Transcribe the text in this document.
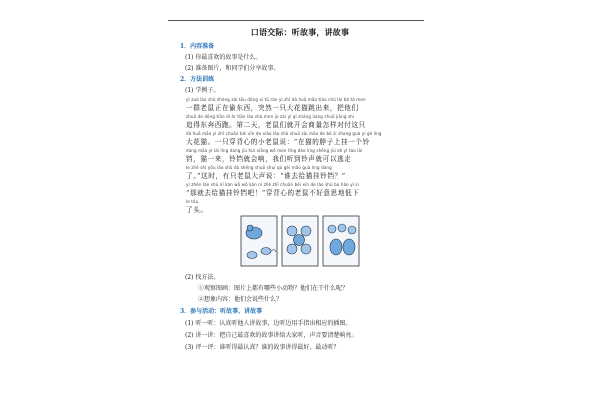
口语交际：听故事，讲故事
1．内容准备
(1) 你最喜欢的故事是什么。
(2) 准备图片，和同学们分享故事。
2．方法训练
(1) 学例子。
yì zuò lǎo shǔ zhèng zài tōu dōng xi tū rán yì zhī dà huā māo tiào chū lái bǎ tā men
一群老鼠正在偷东西，突然一只大花猫跳出来，把他们
zhuā de dōng tiān dì èr tiān lǎo shǔ men jù zài yì qǐ shāng liang shuō jiāng shì
追得东奔西跑。第二天，老鼠们就开会商量怎样对付这只
dà huā māo yì zhī chuān bèi xīn de xiǎo lǎo shǔ shuō zài māo de bó zi shang guà yí gè líng
大花猫。一只穿背心的小老鼠说：“在猫的脖子上挂一个铃
dang māo yì lái líng dang jiù huì xiǎng wǒ men tīng dào líng shēng jiù kě yǐ táo lái
铛，猫一来，铃铛就会响，我们听到铃声就可以逃走
le zhè shí yǒu lǎo shǔ dà shēng shuō shuí qù gěi māo guà líng dang
了。”这时，有只老鼠大声说：“谁去给猫挂铃铛？”
yí zhèn lǎo shǔ nǐ kàn wǒ wǒ kàn nǐ zhè zhī chuān bèi xīn de lǎo shǔ bù hǎo yì si
“那就去给猫挂铃铛吧！”穿背心的老鼠不好意思地低下
le tóu
了头。
(2) 找方法。
①观察图画：图片上都有哪些小动物？他们在干什么呢？
②想象内容：他们会说些什么？
3．参与活动：听故事、讲故事
(1) 听一听：认真听他人讲故事，边听边用手指出相应的插图。
(2) 讲一讲：把自己最喜欢的故事讲给大家听，声音要清楚响亮。
(3) 评一评：谁听得最认真？谁的故事讲得最好、最动听？
